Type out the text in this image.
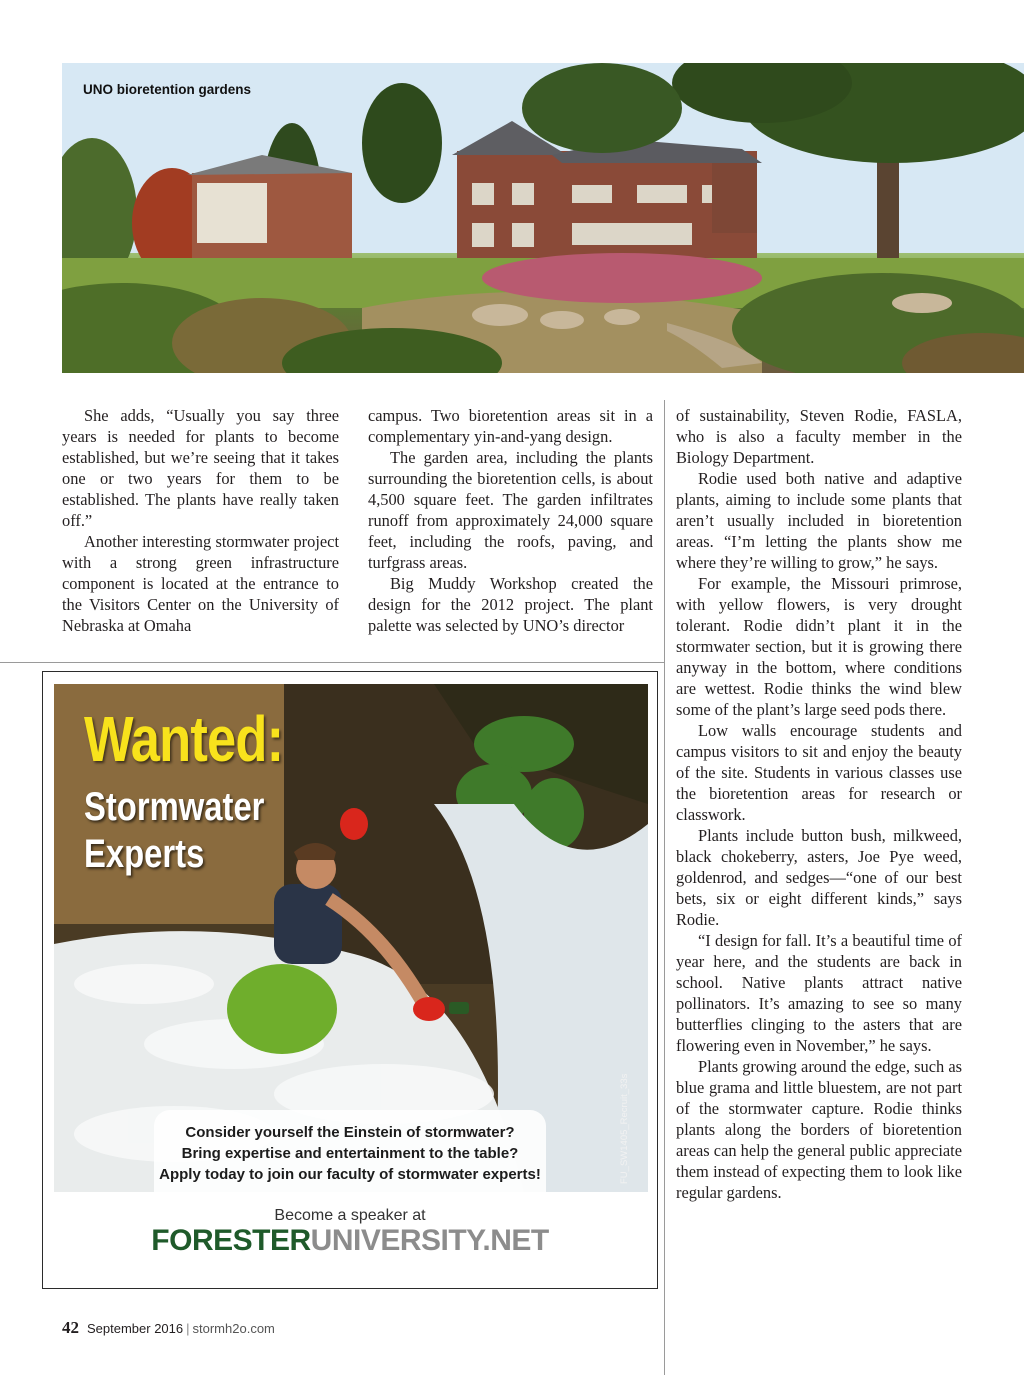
UNO bioretention gardens

She adds, “Usually you say three years is needed for plants to become established, but we’re seeing that it takes one or two years for them to be established. The plants have really taken off.”

Another interesting stormwater project with a strong green infrastructure component is located at the entrance to the Visitors Center on the University of Nebraska at Omaha

campus. Two bioretention areas sit in a complementary yin-and-yang design.

The garden area, including the plants surrounding the bioretention cells, is about 4,500 square feet. The garden infiltrates runoff from approximately 24,000 square feet, including the roofs, paving, and turfgrass areas.

Big Muddy Workshop created the design for the 2012 project. The plant palette was selected by UNO’s director

of sustainability, Steven Rodie, FASLA, who is also a faculty member in the Biology Department.

Rodie used both native and adaptive plants, aiming to include some plants that aren’t usually included in bioretention areas. “I’m letting the plants show me where they’re willing to grow,” he says.

For example, the Missouri primrose, with yellow flowers, is very drought tolerant. Rodie didn’t plant it in the stormwater section, but it is growing there anyway in the bottom, where conditions are wettest. Rodie thinks the wind blew some of the plant’s large seed pods there.

Low walls encourage students and campus visitors to sit and enjoy the beauty of the site. Students in various classes use the bioretention areas for research or classwork.

Plants include button bush, milkweed, black chokeberry, asters, Joe Pye weed, goldenrod, and sedges—“one of our best bets, six or eight different kinds,” says Rodie.

“I design for fall. It’s a beautiful time of year here, and the students are back in school. Native plants attract native pollinators. It’s amazing to see so many butterflies clinging to the asters that are flowering even in November,” he says.

Plants growing around the edge, such as blue grama and little bluestem, are not part of the stormwater capture. Rodie thinks plants along the borders of bioretention areas can help the general public appreciate them instead of expecting them to look like regular gardens.

Wanted:

Stormwater
Experts

Consider yourself the Einstein of stormwater?

Bring expertise and entertainment to the table?

Apply today to join our faculty of stormwater experts!	FU_SW1405_Recruit_33s

Become a speaker at

FORESTERUNIVERSITY.NET

42 September 2016 | stormh2o.com
